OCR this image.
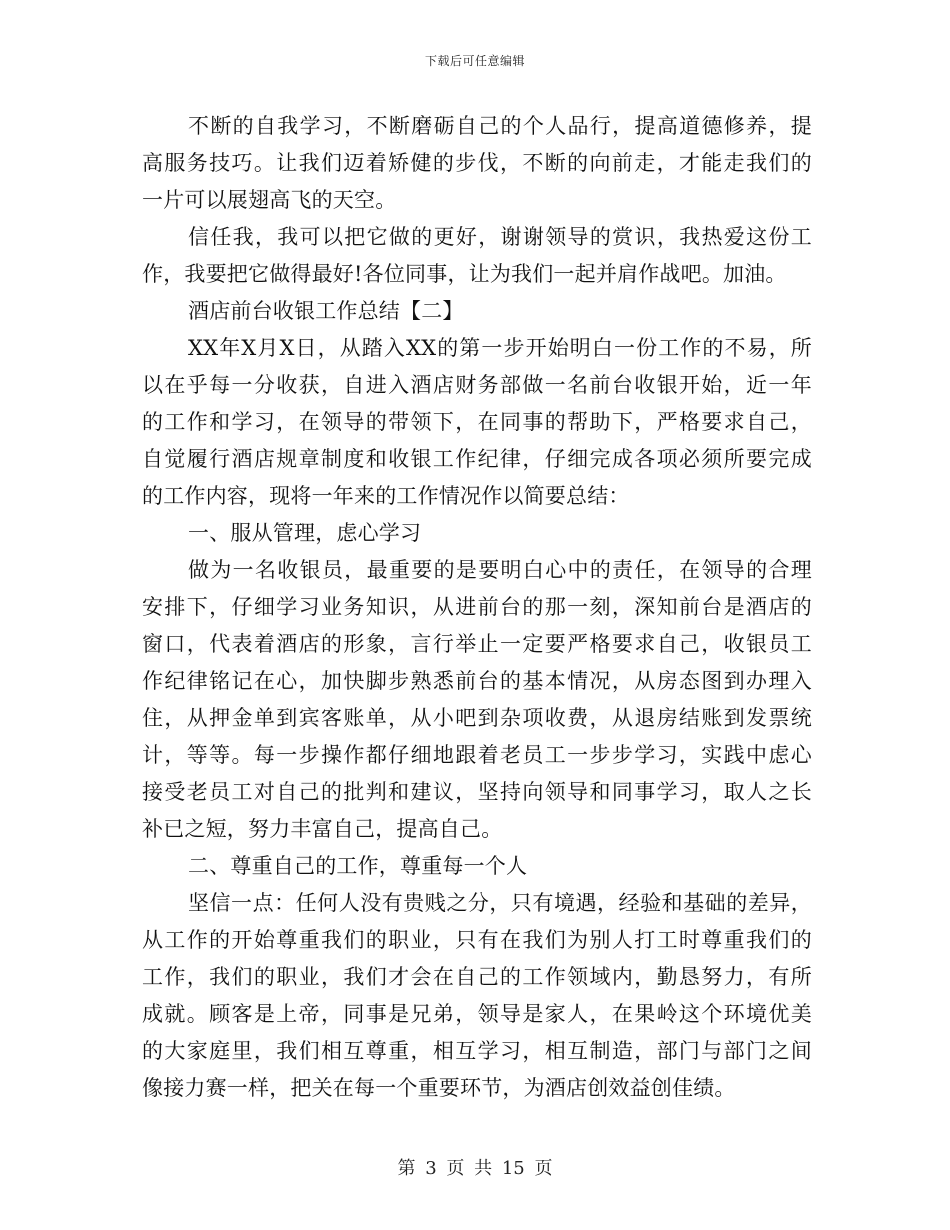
下载后可任意编辑
不断的自我学习，不断磨砺自己的个人品行，提高道德修养，提
高服务技巧。让我们迈着矫健的步伐，不断的向前走，才能走我们的
一片可以展翅高飞的天空。
信任我，我可以把它做的更好，谢谢领导的赏识，我热爱这份工
作，我要把它做得最好!各位同事，让为我们一起并肩作战吧。加油。
酒店前台收银工作总结【二】
XX年X月X日，从踏入XX的第一步开始明白一份工作的不易，所
以在乎每一分收获，自进入酒店财务部做一名前台收银开始，近一年
的工作和学习，在领导的带领下，在同事的帮助下，严格要求自己，
自觉履行酒店规章制度和收银工作纪律，仔细完成各项必须所要完成
的工作内容，现将一年来的工作情况作以简要总结：
一、服从管理，虑心学习
做为一名收银员，最重要的是要明白心中的责任，在领导的合理
安排下，仔细学习业务知识，从进前台的那一刻，深知前台是酒店的
窗口，代表着酒店的形象，言行举止一定要严格要求自己，收银员工
作纪律铭记在心，加快脚步熟悉前台的基本情况，从房态图到办理入
住，从押金单到宾客账单，从小吧到杂项收费，从退房结账到发票统
计，等等。每一步操作都仔细地跟着老员工一步步学习，实践中虑心
接受老员工对自己的批判和建议，坚持向领导和同事学习，取人之长
补已之短，努力丰富自己，提高自己。
二、尊重自己的工作，尊重每一个人
坚信一点：任何人没有贵贱之分，只有境遇，经验和基础的差异，
从工作的开始尊重我们的职业，只有在我们为别人打工时尊重我们的
工作，我们的职业，我们才会在自己的工作领域内，勤恳努力，有所
成就。顾客是上帝，同事是兄弟，领导是家人，在果岭这个环境优美
的大家庭里，我们相互尊重，相互学习，相互制造，部门与部门之间
像接力赛一样，把关在每一个重要环节，为酒店创效益创佳绩。
第 3 页 共 15 页
